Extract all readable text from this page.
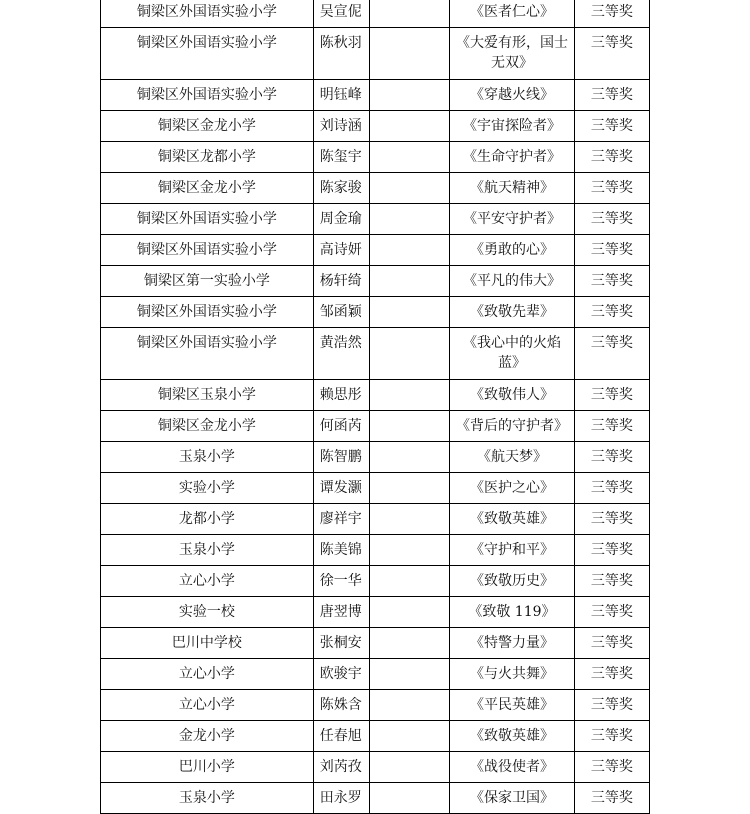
铜梁区外国语实验小学	吴宣伲		《医者仁心》	三等奖
铜梁区外国语实验小学	陈秋羽		《大爱有形，国士无双》	三等奖
铜梁区外国语实验小学	明钰峰		《穿越火线》	三等奖
铜梁区金龙小学	刘诗涵		《宇宙探险者》	三等奖
铜梁区龙都小学	陈玺宇		《生命守护者》	三等奖
铜梁区金龙小学	陈家骏		《航天精神》	三等奖
铜梁区外国语实验小学	周金瑜		《平安守护者》	三等奖
铜梁区外国语实验小学	高诗妍		《勇敢的心》	三等奖
铜梁区第一实验小学	杨轩绮		《平凡的伟大》	三等奖
铜梁区外国语实验小学	邹函颖		《致敬先辈》	三等奖
铜梁区外国语实验小学	黄浩然		《我心中的火焰蓝》	三等奖
铜梁区玉泉小学	赖思彤		《致敬伟人》	三等奖
铜梁区金龙小学	何函芮		《背后的守护者》	三等奖
玉泉小学	陈智鹏		《航天梦》	三等奖
实验小学	谭发灏		《医护之心》	三等奖
龙都小学	廖祥宇		《致敬英雄》	三等奖
玉泉小学	陈美锦		《守护和平》	三等奖
立心小学	徐一华		《致敬历史》	三等奖
实验一校	唐翌博		《致敬 119》	三等奖
巴川中学校	张桐安		《特警力量》	三等奖
立心小学	欧骏宇		《与火共舞》	三等奖
立心小学	陈姝含		《平民英雄》	三等奖
金龙小学	任春旭		《致敬英雄》	三等奖
巴川小学	刘芮孜		《战役使者》	三等奖
玉泉小学	田永罗		《保家卫国》	三等奖
